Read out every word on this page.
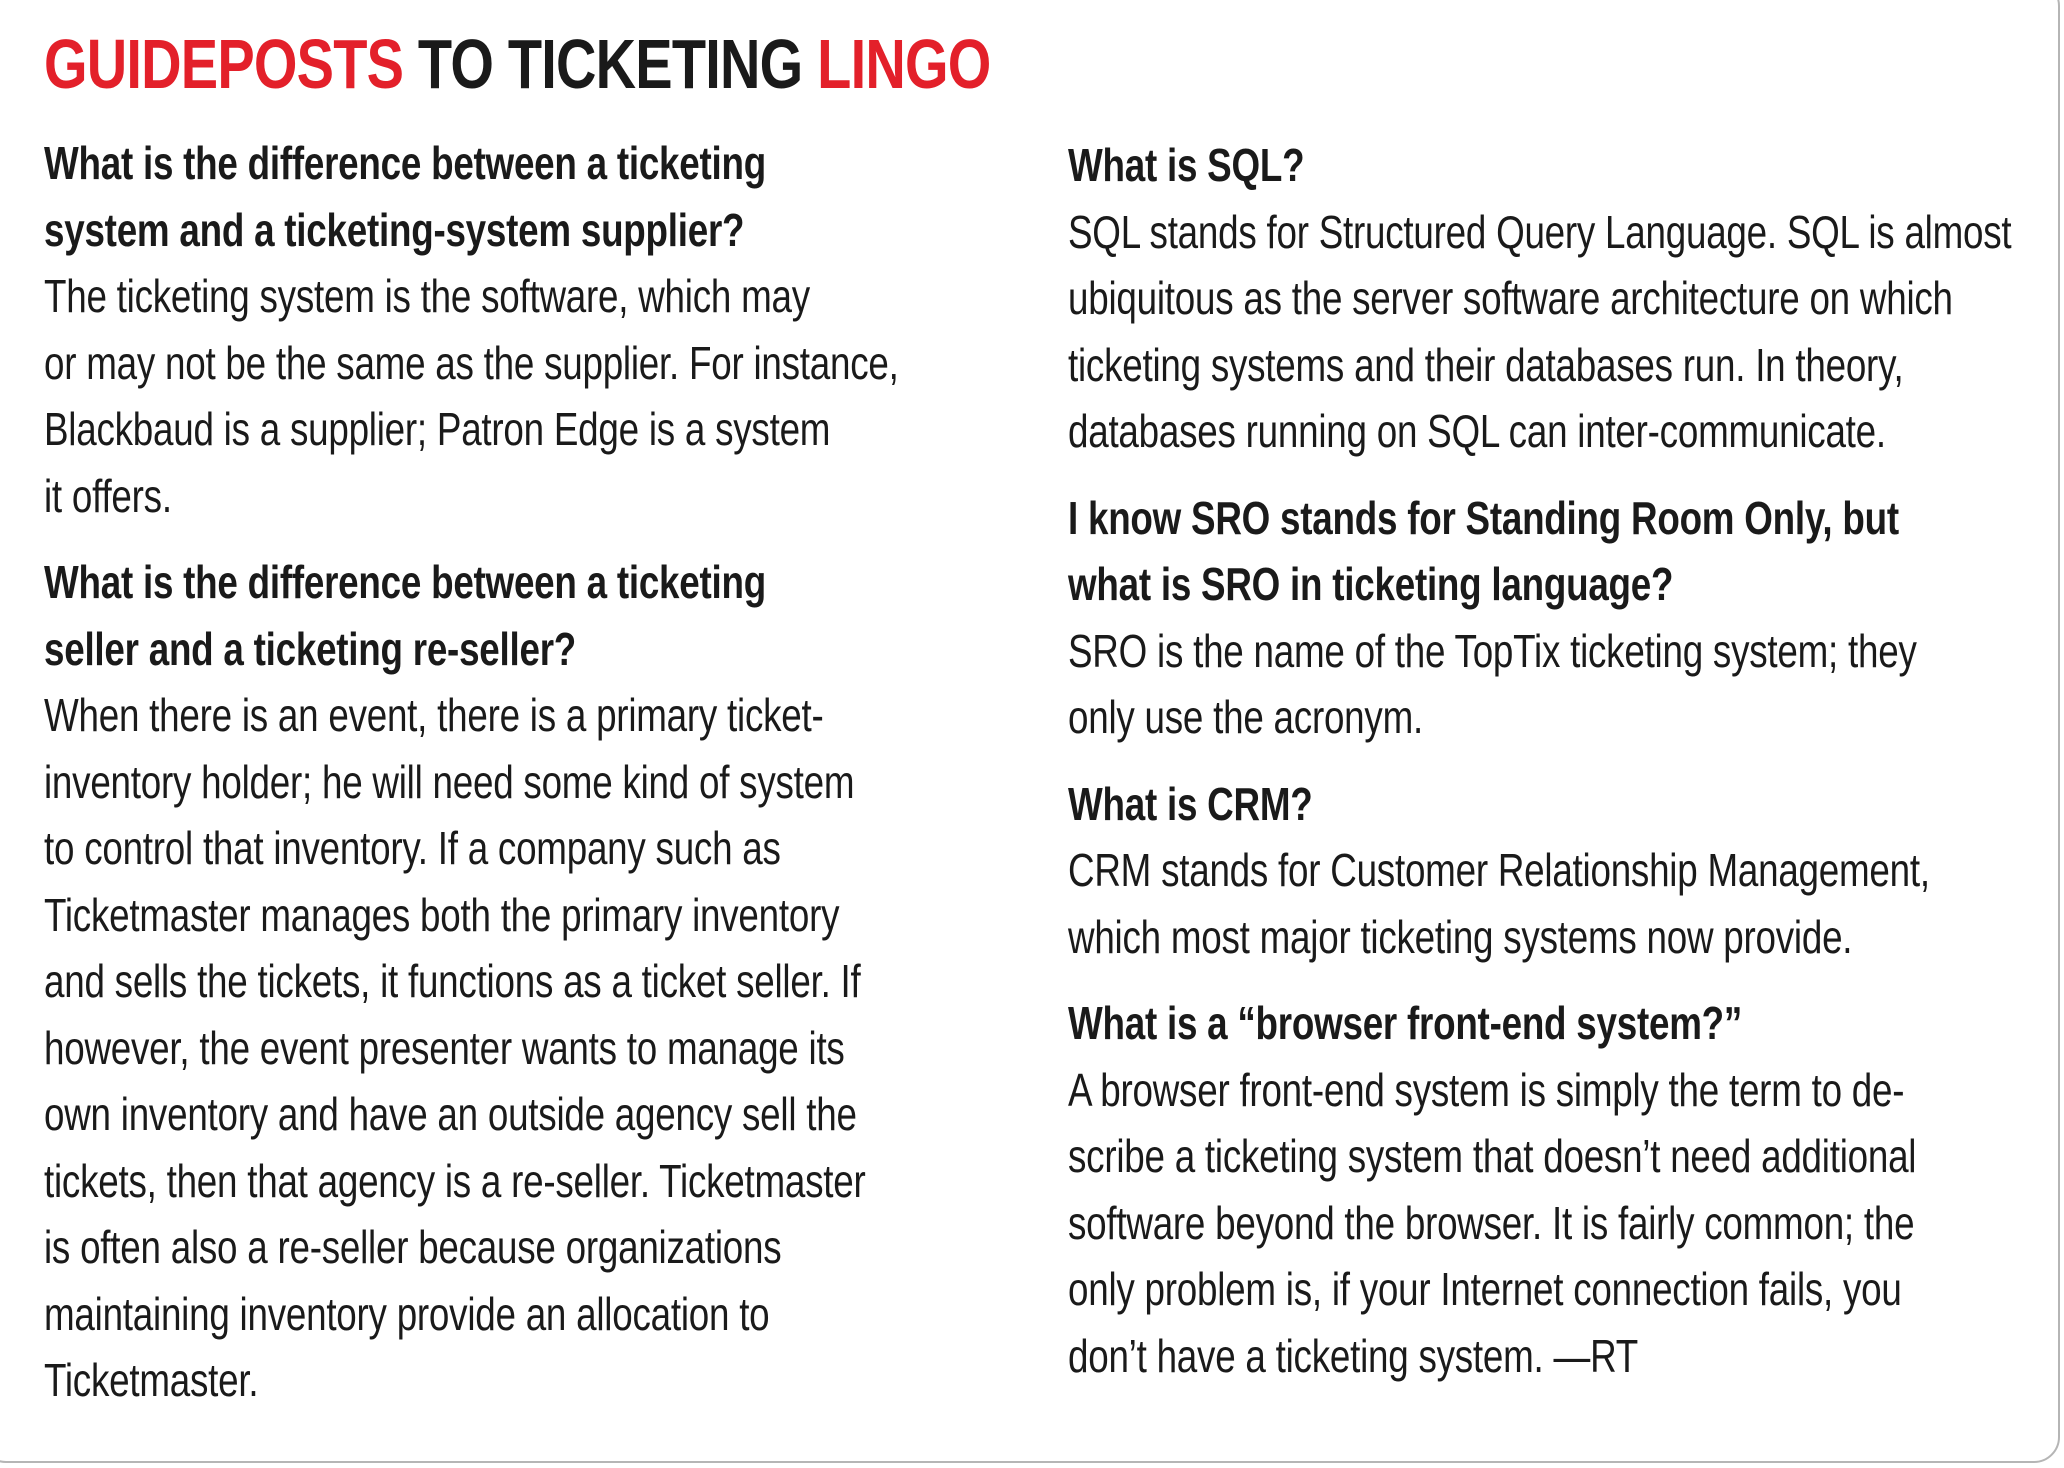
GUIDEPOSTS TO TICKETING LINGO

What is the difference between a ticketing
system and a ticketing-system supplier?

The ticketing system is the software, which may
or may not be the same as the supplier. For instance,
Blackbaud is a supplier; Patron Edge is a system
it offers.

What is the difference between a ticketing
seller and a ticketing re-seller?

When there is an event, there is a primary ticket-
inventory holder; he will need some kind of system
to control that inventory. If a company such as
Ticketmaster manages both the primary inventory
and sells the tickets, it functions as a ticket seller. If
however, the event presenter wants to manage its
own inventory and have an outside agency sell the
tickets, then that agency is a re-seller. Ticketmaster
is often also a re-seller because organizations
maintaining inventory provide an allocation to
Ticketmaster.

What is SQL?

SQL stands for Structured Query Language. SQL is almost
ubiquitous as the server software architecture on which
ticketing systems and their databases run. In theory,
databases running on SQL can inter-communicate.

I know SRO stands for Standing Room Only, but
what is SRO in ticketing language?

SRO is the name of the TopTix ticketing system; they
only use the acronym.

What is CRM?

CRM stands for Customer Relationship Management,
which most major ticketing systems now provide.

What is a “browser front-end system?”

A browser front-end system is simply the term to de-
scribe a ticketing system that doesn’t need additional
software beyond the browser. It is fairly common; the
only problem is, if your Internet connection fails, you
don’t have a ticketing system. —RT
